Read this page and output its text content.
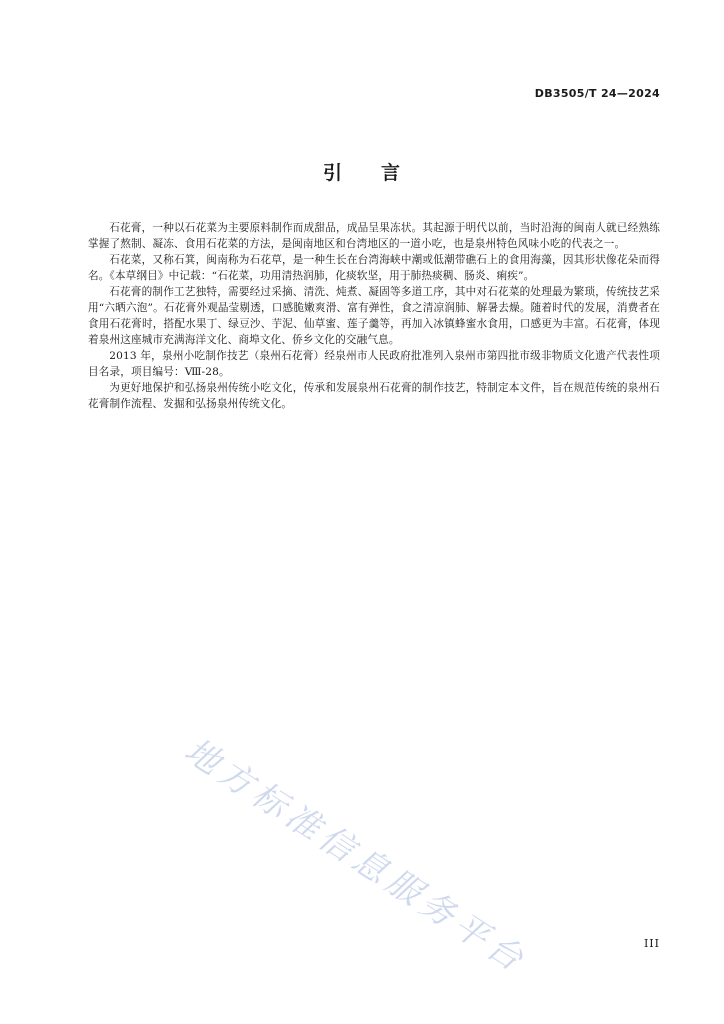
DB3505/T 24—2024
引 言

石花膏，一种以石花菜为主要原料制作而成甜品，成品呈果冻状。其起源于明代以前，当时沿海的闽南人就已经熟练掌握了熬制、凝冻、食用石花菜的方法，是闽南地区和台湾地区的一道小吃，也是泉州特色风味小吃的代表之一。

石花菜，又称石箕，闽南称为石花草，是一种生长在台湾海峡中潮或低潮带礁石上的食用海藻，因其形状像花朵而得名。《本草纲目》中记载：“石花菜，功用清热润肺，化痰软坚，用于肺热痰稠、肠炎、痢疾”。

石花膏的制作工艺独特，需要经过采摘、清洗、炖煮、凝固等多道工序，其中对石花菜的处理最为繁琐，传统技艺采用“六晒六泡”。石花膏外观晶莹剔透，口感脆嫩爽滑、富有弹性，食之清凉润肺、解暑去燥。随着时代的发展，消费者在食用石花膏时，搭配水果丁、绿豆沙、芋泥、仙草蜜、莲子羹等，再加入冰镇蜂蜜水食用，口感更为丰富。石花膏，体现着泉州这座城市充满海洋文化、商埠文化、侨乡文化的交融气息。

2013 年，泉州小吃制作技艺（泉州石花膏）经泉州市人民政府批准列入泉州市第四批市级非物质文化遗产代表性项目名录，项目编号：Ⅷ-28。

为更好地保护和弘扬泉州传统小吃文化，传承和发展泉州石花膏的制作技艺，特制定本文件，旨在规范传统的泉州石花膏制作流程、发掘和弘扬泉州传统文化。

地方标准信息服务平台	III
